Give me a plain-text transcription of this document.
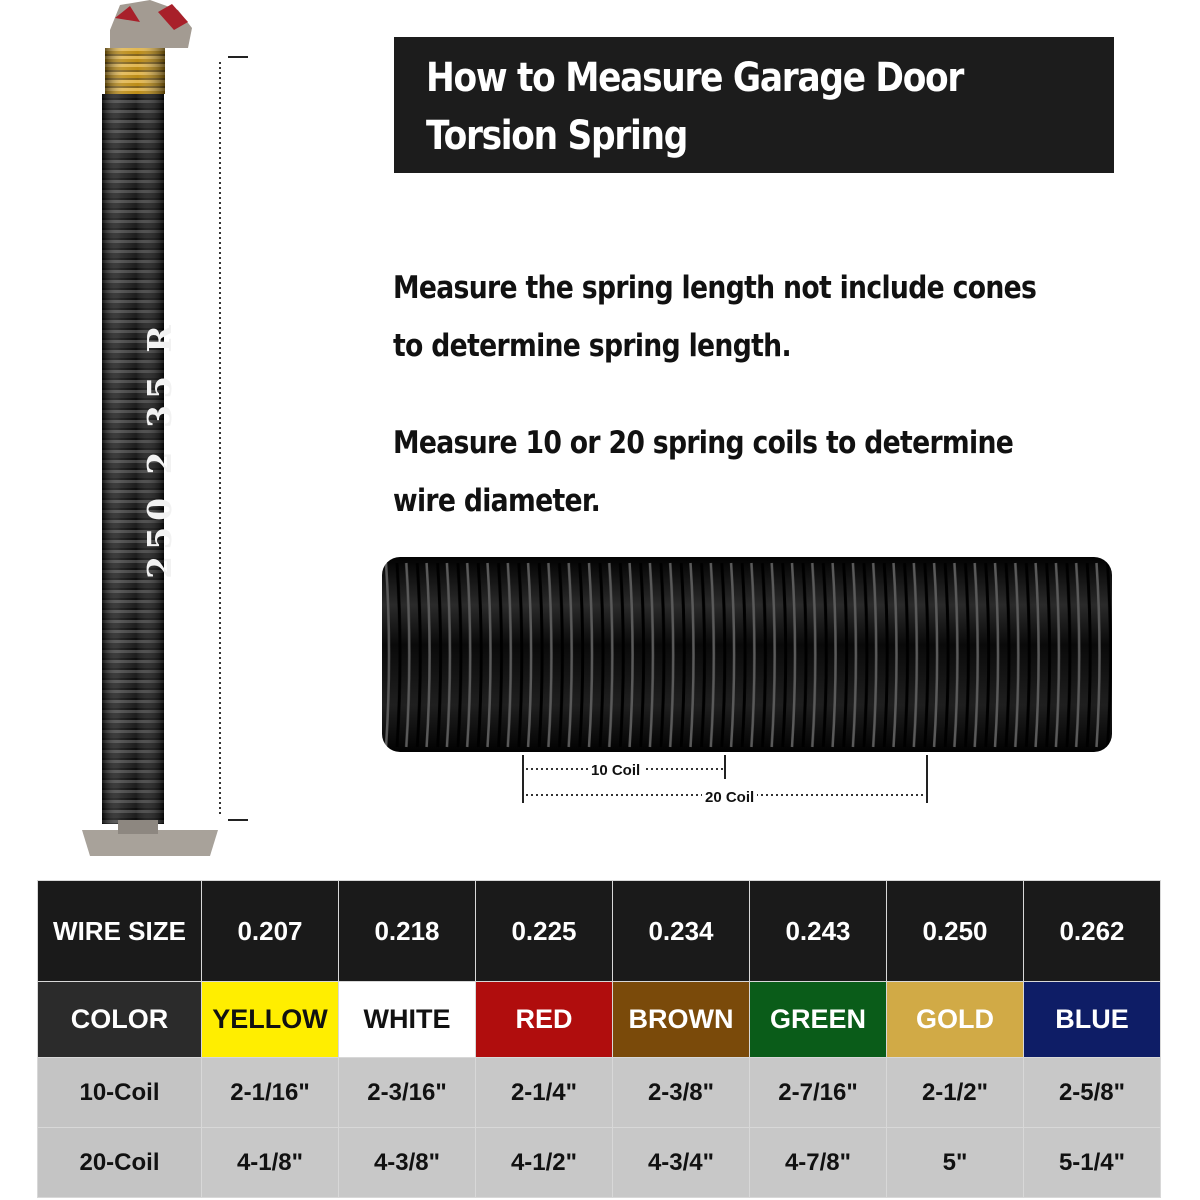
How to Measure Garage Door
Torsion Spring
Measure the spring length not include cones
to determine spring length.
Measure 10 or 20 spring coils to determine
wire diameter.
250 2 35 R
10 Coil
20 Coil
WIRE SIZE	0.207	0.218	0.225	0.234	0.243	0.250	0.262
COLOR	YELLOW	WHITE	RED	BROWN	GREEN	GOLD	BLUE
10-Coil	2-1/16"	2-3/16"	2-1/4"	2-3/8"	2-7/16"	2-1/2"	2-5/8"
20-Coil	4-1/8"	4-3/8"	4-1/2"	4-3/4"	4-7/8"	5"	5-1/4"
